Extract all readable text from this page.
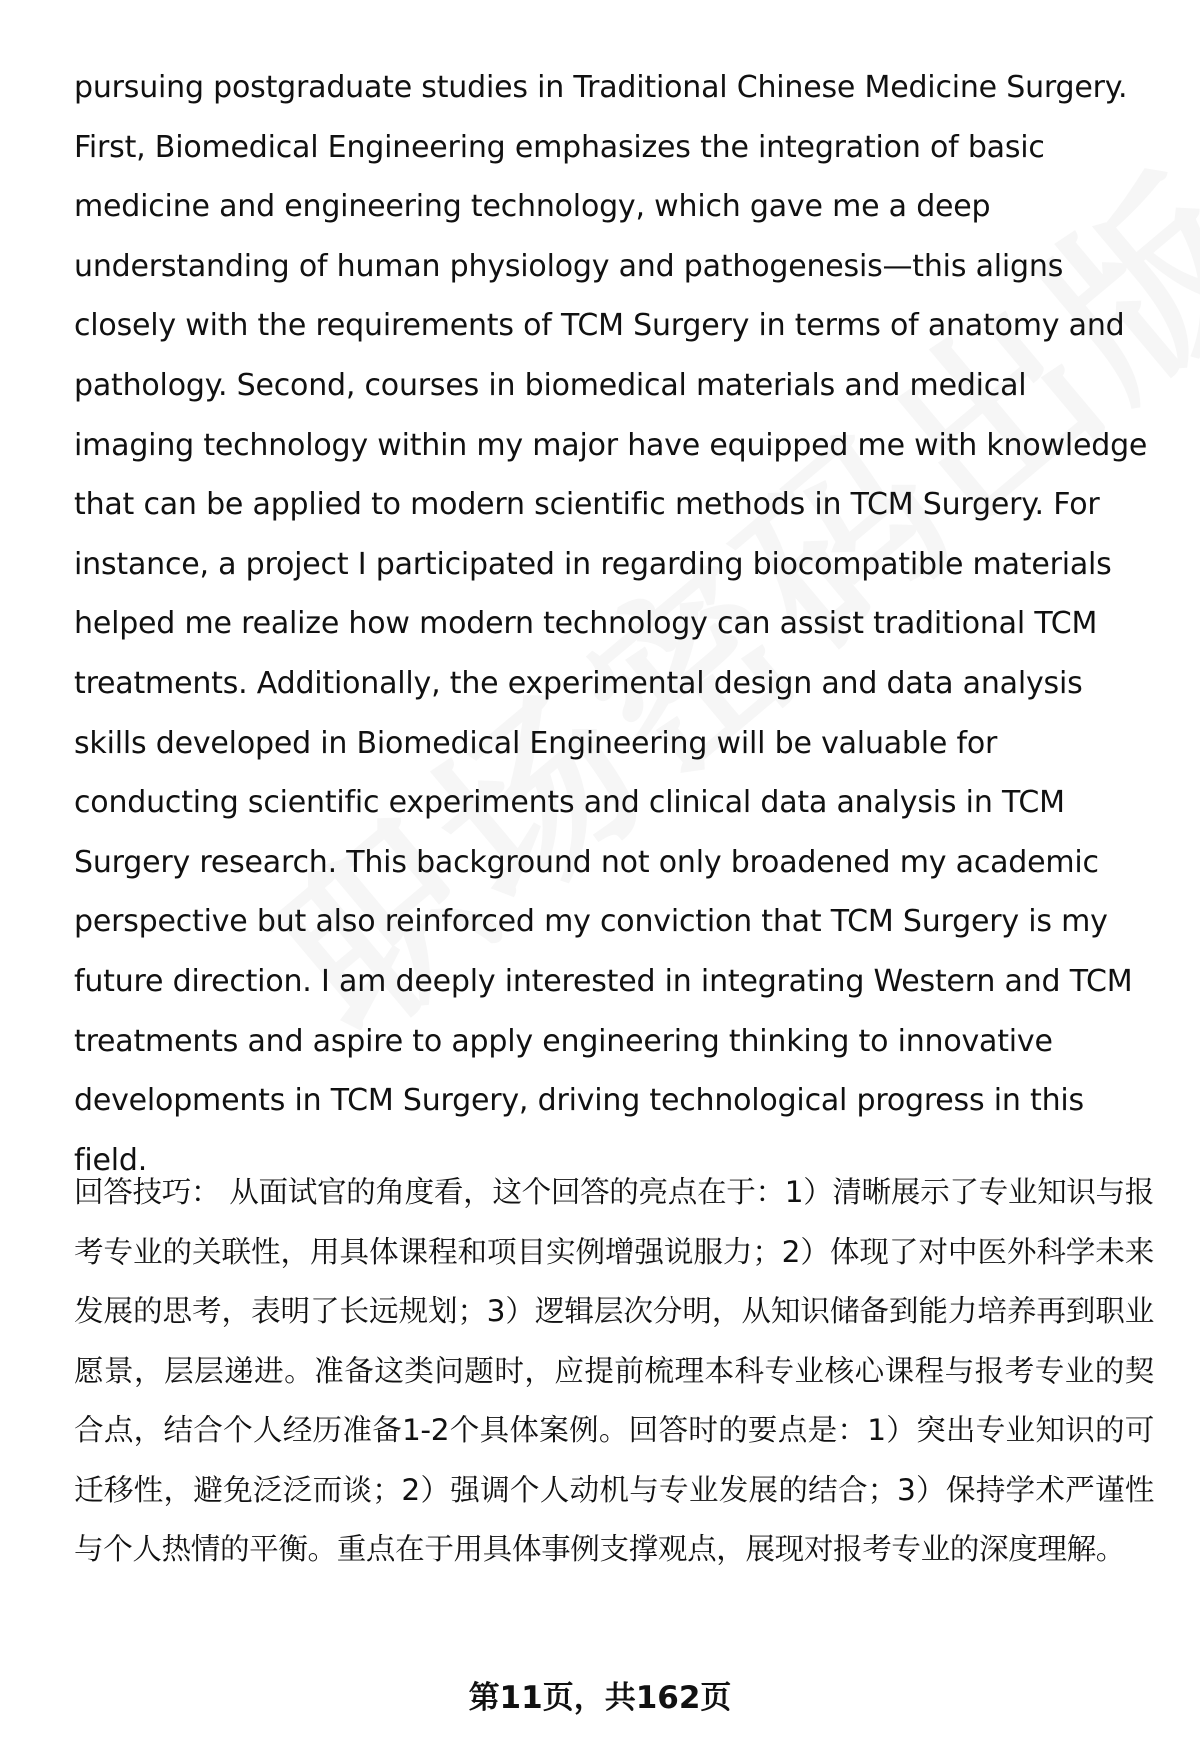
pursuing postgraduate studies in Traditional Chinese Medicine Surgery. First, Biomedical Engineering emphasizes the integration of basic medicine and engineering technology, which gave me a deep understanding of human physiology and pathogenesis—this aligns closely with the requirements of TCM Surgery in terms of anatomy and pathology. Second, courses in biomedical materials and medical imaging technology within my major have equipped me with knowledge that can be applied to modern scientific methods in TCM Surgery. For instance, a project I participated in regarding biocompatible materials helped me realize how modern technology can assist traditional TCM treatments. Additionally, the experimental design and data analysis skills developed in Biomedical Engineering will be valuable for conducting scientific experiments and clinical data analysis in TCM Surgery research. This background not only broadened my academic perspective but also reinforced my conviction that TCM Surgery is my future direction. I am deeply interested in integrating Western and TCM treatments and aspire to apply engineering thinking to innovative developments in TCM Surgery, driving technological progress in this field.

回答技巧： 从面试官的角度看，这个回答的亮点在于：1）清晰展示了专业知识与报考专业的关联性，用具体课程和项目实例增强说服力；2）体现了对中医外科学未来发展的思考，表明了长远规划；3）逻辑层次分明，从知识储备到能力培养再到职业愿景，层层递进。准备这类问题时，应提前梳理本科专业核心课程与报考专业的契合点，结合个人经历准备1-2个具体案例。回答时的要点是：1）突出专业知识的可迁移性，避免泛泛而谈；2）强调个人动机与专业发展的结合；3）保持学术严谨性与个人热情的平衡。重点在于用具体事例支撑观点，展现对报考专业的深度理解。

第11页，共162页
